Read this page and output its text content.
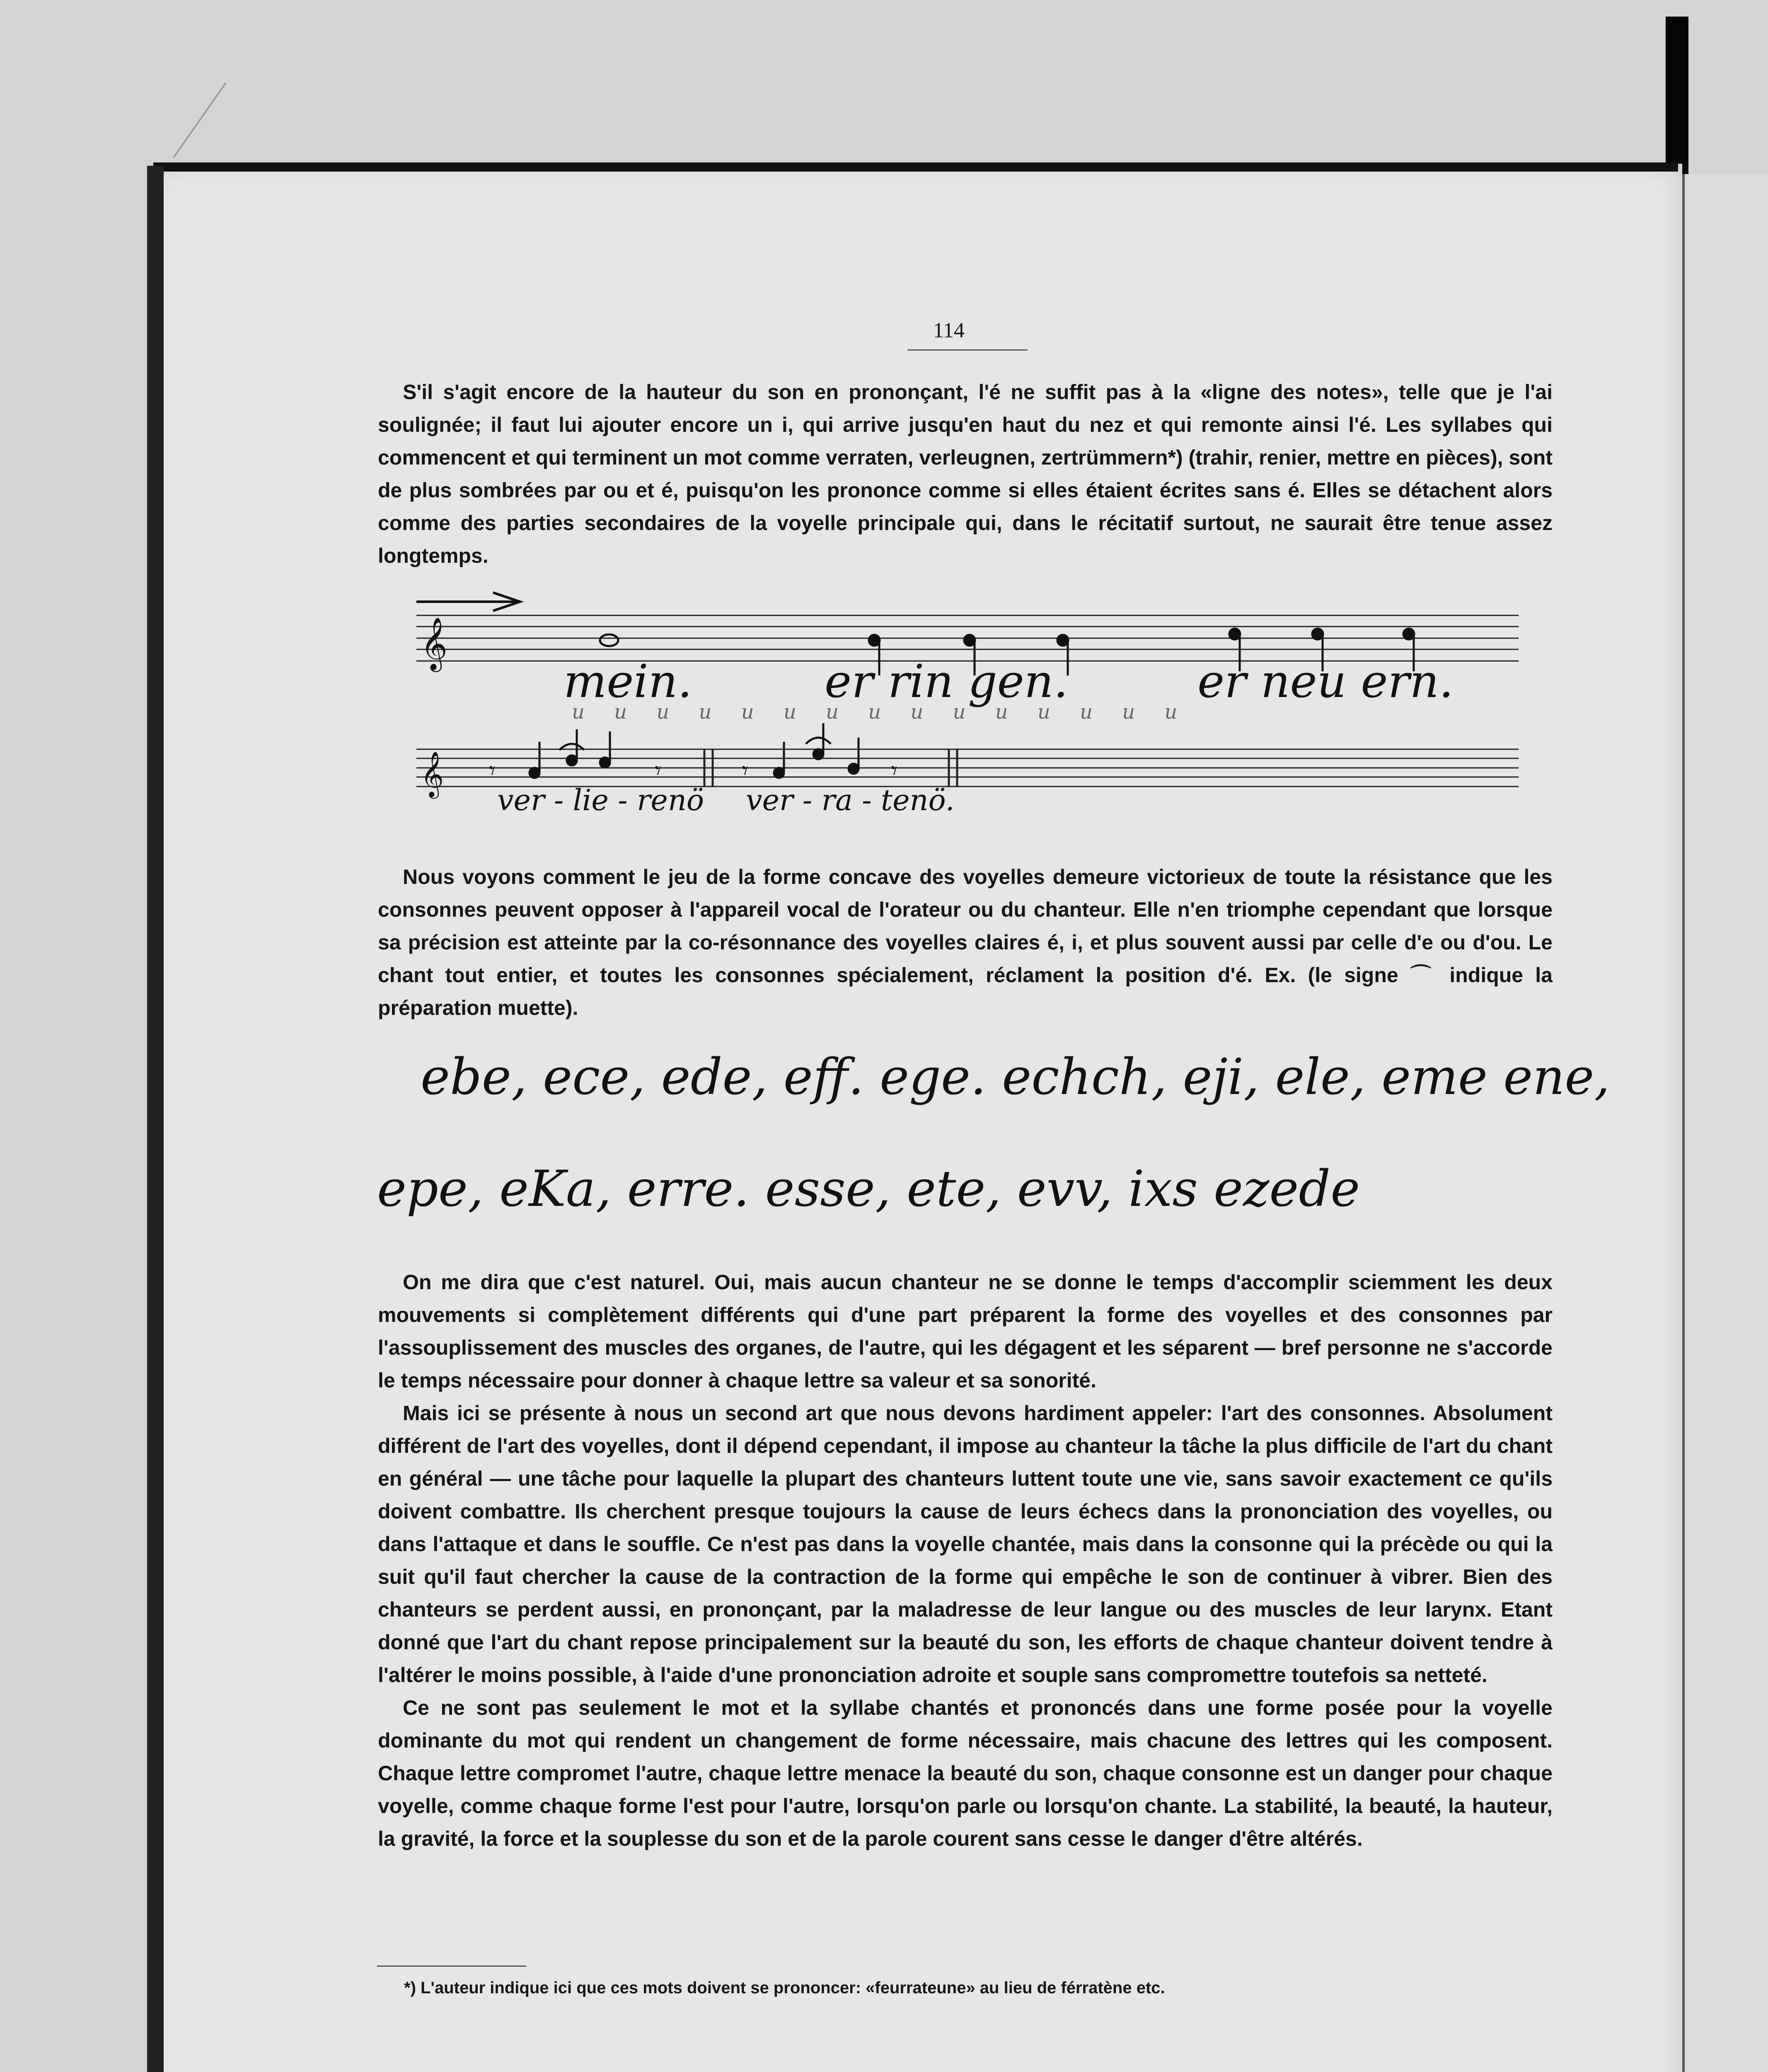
114

S'il s'agit encore de la hauteur du son en prononçant, l'é ne suffit pas à la «ligne des notes», telle que je l'ai soulignée; il faut lui ajouter encore un i, qui arrive jusqu'en haut du nez et qui remonte ainsi l'é. Les syllabes qui commencent et qui terminent un mot comme verraten, verleugnen, zertrümmern*) (trahir, renier, mettre en pièces), sont de plus sombrées par ou et é, puisqu'on les prononce comme si elles étaient écrites sans é. Elles se détachent alors comme des parties secondaires de la voyelle principale qui, dans le récitatif surtout, ne saurait être tenue assez longtemps.

𝄞
𝄞 𝄾	𝄾	𝄾	𝄾
mein.	er rin gen.	er neu ern.
u u u u u u u u u u u u u u u
ver - lie - renö ver - ra - tenö.

Nous voyons comment le jeu de la forme concave des voyelles demeure victorieux de toute la résistance que les consonnes peuvent opposer à l'appareil vocal de l'orateur ou du chanteur. Elle n'en triomphe cependant que lorsque sa précision est atteinte par la co-résonnance des voyelles claires é, i, et plus souvent aussi par celle d'e ou d'ou. Le chant tout entier, et toutes les consonnes spécialement, réclament la position d'é. Ex. (le signe ⌒ indique la préparation muette).

ebe, ece, ede, eff. ege. echch, eji, ele, eme ene,
epe, eKa, erre. esse, ete, evv, ixs ezede

On me dira que c'est naturel. Oui, mais aucun chanteur ne se donne le temps d'accomplir sciemment les deux mouvements si complètement différents qui d'une part préparent la forme des voyelles et des consonnes par l'assouplissement des muscles des organes, de l'autre, qui les dégagent et les séparent — bref personne ne s'accorde le temps nécessaire pour donner à chaque lettre sa valeur et sa sonorité.

Mais ici se présente à nous un second art que nous devons hardiment appeler: l'art des consonnes. Absolument différent de l'art des voyelles, dont il dépend cependant, il impose au chanteur la tâche la plus difficile de l'art du chant en général — une tâche pour laquelle la plupart des chanteurs luttent toute une vie, sans savoir exactement ce qu'ils doivent combattre. Ils cherchent presque toujours la cause de leurs échecs dans la prononciation des voyelles, ou dans l'attaque et dans le souffle. Ce n'est pas dans la voyelle chantée, mais dans la consonne qui la précède ou qui la suit qu'il faut chercher la cause de la contraction de la forme qui empêche le son de continuer à vibrer. Bien des chanteurs se perdent aussi, en prononçant, par la maladresse de leur langue ou des muscles de leur larynx. Etant donné que l'art du chant repose principalement sur la beauté du son, les efforts de chaque chanteur doivent tendre à l'altérer le moins possible, à l'aide d'une prononciation adroite et souple sans compromettre toutefois sa netteté.

Ce ne sont pas seulement le mot et la syllabe chantés et prononcés dans une forme posée pour la voyelle dominante du mot qui rendent un changement de forme nécessaire, mais chacune des lettres qui les composent. Chaque lettre compromet l'autre, chaque lettre menace la beauté du son, chaque consonne est un danger pour chaque voyelle, comme chaque forme l'est pour l'autre, lorsqu'on parle ou lorsqu'on chante. La stabilité, la beauté, la hauteur, la gravité, la force et la souplesse du son et de la parole courent sans cesse le danger d'être altérés.

*) L'auteur indique ici que ces mots doivent se prononcer: «feurrateune» au lieu de férratène etc.
